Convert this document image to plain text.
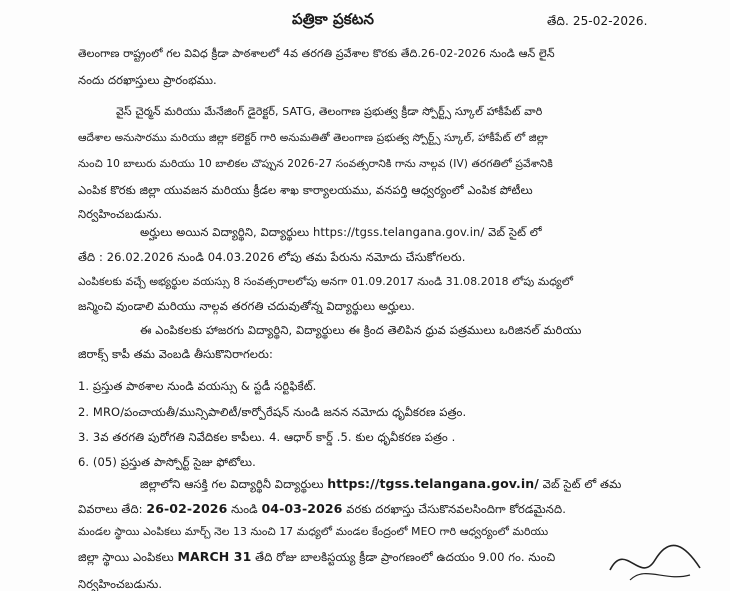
పత్రికా ప్రకటన	తేది. 25-02-2026.
తెలంగాణ రాష్ట్రంలో గల వివిధ క్రీడా పాఠశాలలో 4వ తరగతి ప్రవేశాల కొరకు తేది.26-02-2026 నుండి ఆన్ లైన్
నందు దరఖాస్తులు ప్రారంభము.
వైస్ చైర్మన్ మరియు మేనేజింగ్ డైరెక్టర్, SATG, తెలంగాణ ప్రభుత్వ క్రీడా స్పోర్ట్స్ స్కూల్ హాకీపేట్ వారి
ఆదేశాల అనుసారము మరియు జిల్లా కలెక్టర్ గారి అనుమతితో తెలంగాణ ప్రభుత్వ స్పోర్ట్స్ స్కూల్, హాకీపేట్ లో జిల్లా
నుంచి 10 బాలురు మరియు 10 బాలికల చొప్పున 2026-27 సంవత్సరానికి గాను నాల్గవ (IV) తరగతిలో ప్రవేశానికి
ఎంపిక కొరకు జిల్లా యువజన మరియు క్రీడల శాఖ కార్యాలయము, వనపర్తి ఆధ్వర్యంలో ఎంపిక పోటీలు
నిర్వహించబడును.
అర్హులు అయిన విద్యార్థిని, విద్యార్థులు https://tgss.telangana.gov.in/ వెబ్ సైట్ లో
తేది : 26.02.2026 నుండి 04.03.2026 లోపు తమ పేరును నమోదు చేసుకోగలరు.
ఎంపికలకు వచ్చే అభ్యర్థుల వయస్సు 8 సంవత్సరాలలోపు అనగా 01.09.2017 నుండి 31.08.2018 లోపు మధ్యలో
జన్మించి వుండాలి మరియు నాల్గవ తరగతి చదువుతోన్న విద్యార్థులు అర్హులు.
ఈ ఎంపికలకు హాజరగు విద్యార్థిని, విద్యార్థులు ఈ క్రింద తెలిపిన ధ్రువ పత్రములు ఒరిజినల్ మరియు
జిరాక్స్ కాపీ తమ వెంబడి తీసుకొనిరాగలరు:
1. ప్రస్తుత పాఠశాల నుండి వయస్సు & స్టడీ సర్టిఫికేట్.
2. MRO/పంచాయతీ/మున్సిపాలిటీ/కార్పోరేషన్ నుండి జనన నమోదు ధృవీకరణ పత్రం.
3. 3వ తరగతి పురోగతి నివేదికల కాపీలు. 4. ఆధార్ కార్డ్ .5. కుల ధృవీకరణ పత్రం .
6. (05) ప్రస్తుత పాస్పోర్ట్ సైజు ఫోటోలు.
జిల్లాలోని ఆసక్తి గల విద్యార్థినీ విద్యార్థులు https://tgss.telangana.gov.in/ వెబ్ సైట్ లో తమ
వివరాలు తేది: 26-02-2026 నుండి 04-03-2026 వరకు దరఖాస్తు చేసుకొనవలసిందిగా కోరడమైనది.
మండల స్థాయి ఎంపికలు మార్చ్ నెల 13 నుంచి 17 మధ్యలో మండల కేంద్రంలో MEO గారి ఆధ్వర్యంలో మరియు
జిల్లా స్థాయి ఎంపికలు MARCH 31 తేది రోజు బాలకిస్టయ్య క్రీడా ప్రాంగణంలో ఉదయం 9.00 గం. నుంచి
నిర్వహించబడును.
